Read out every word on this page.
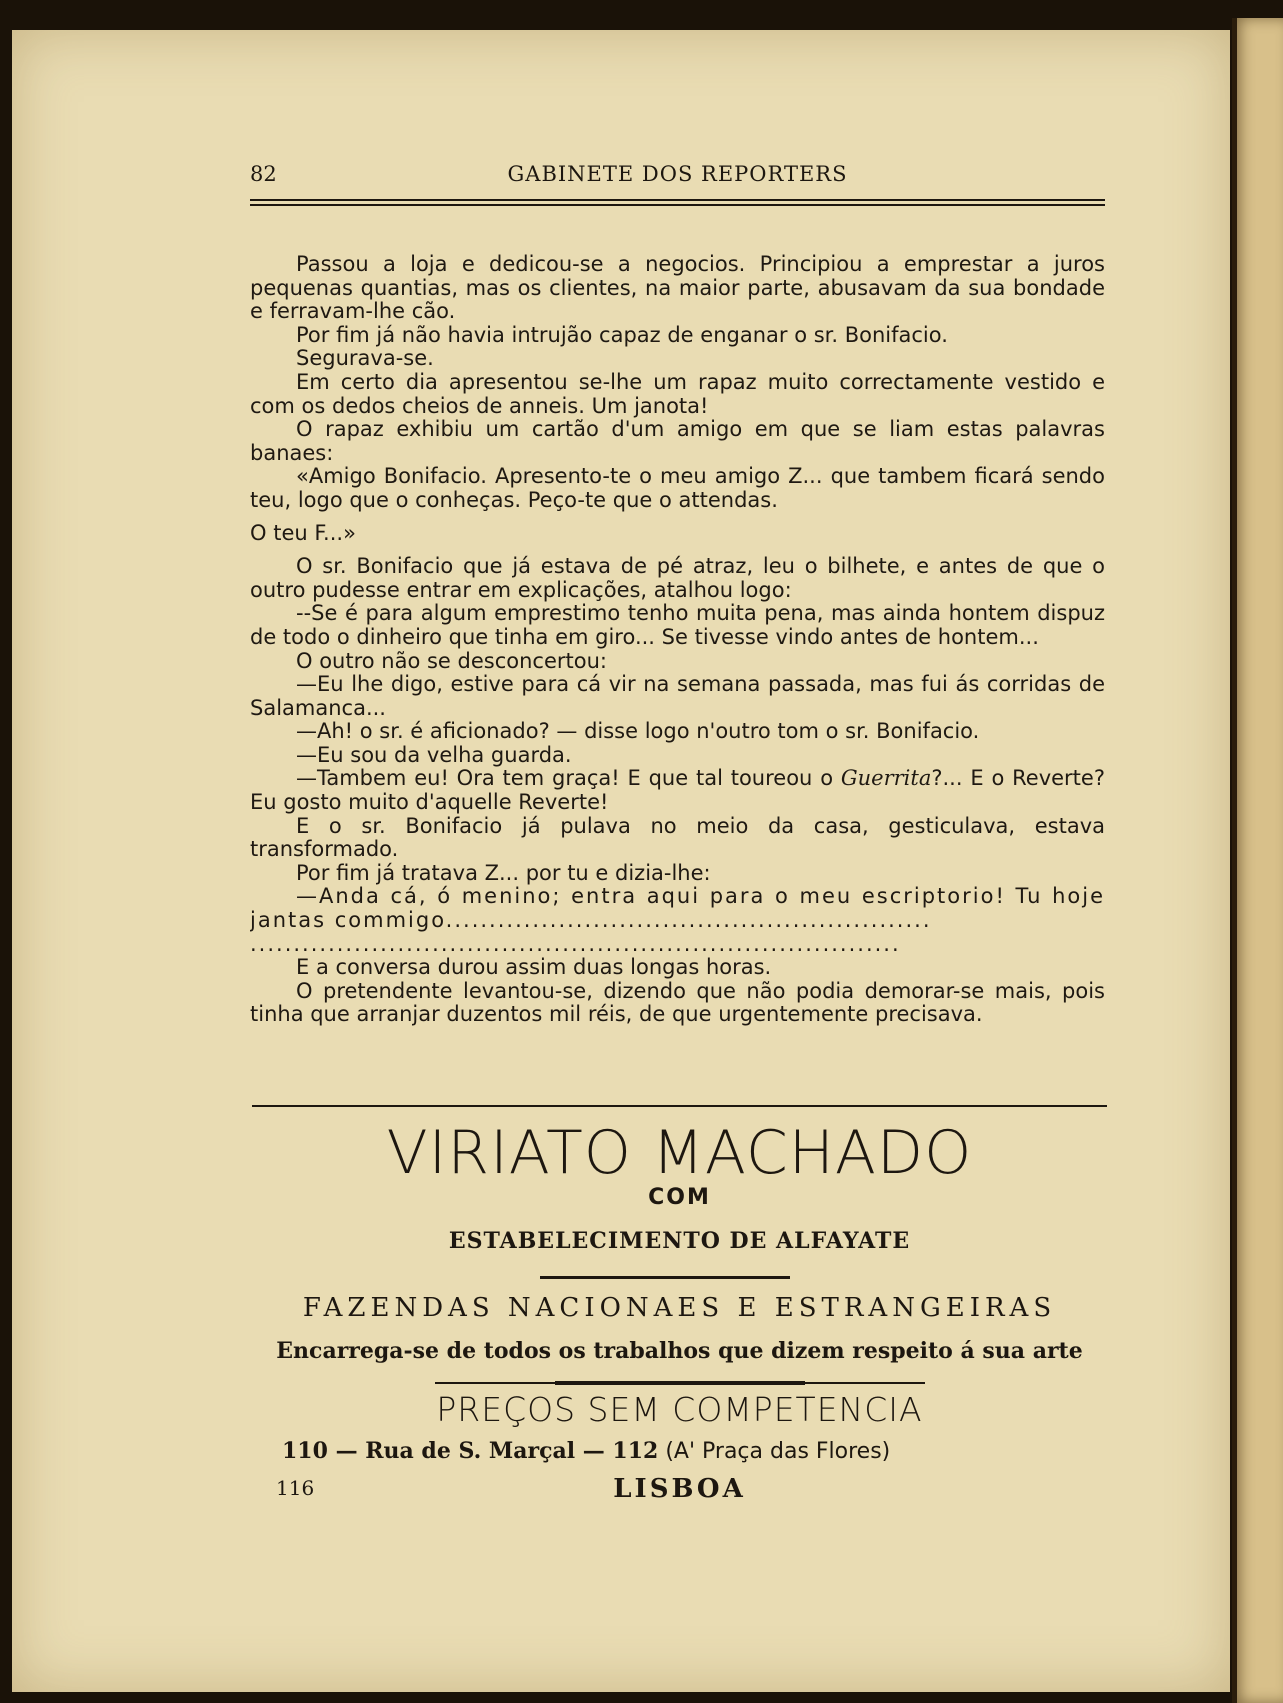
82	GABINETE DOS REPORTERS

Passou a loja e dedicou-se a negocios. Principiou a emprestar a juros pequenas quantias, mas os clientes, na maior parte, abusavam da sua bondade e ferravam-lhe cão.

Por fim já não havia intrujão capaz de enganar o sr. Bonifacio.

Segurava-se.

Em certo dia apresentou se-lhe um rapaz muito correctamente vestido e com os dedos cheios de anneis. Um janota!

O rapaz exhibiu um cartão d'um amigo em que se liam estas palavras banaes:

«Amigo Bonifacio. Apresento-te o meu amigo Z... que tambem ficará sendo teu, logo que o conheças. Peço-te que o attendas.

O teu F...»

O sr. Bonifacio que já estava de pé atraz, leu o bilhete, e antes de que o outro pudesse entrar em explicações, atalhou logo:

--Se é para algum emprestimo tenho muita pena, mas ainda hontem dispuz de todo o dinheiro que tinha em giro... Se tivesse vindo antes de hontem...

O outro não se desconcertou:

—Eu lhe digo, estive para cá vir na semana passada, mas fui ás corridas de Salamanca...

—Ah! o sr. é aficionado? — disse logo n'outro tom o sr. Bonifacio.

—Eu sou da velha guarda.

—Tambem eu! Ora tem graça! E que tal toureou o Guerrita?... E o Reverte? Eu gosto muito d'aquelle Reverte!

E o sr. Bonifacio já pulava no meio da casa, gesticulava, estava transformado.

Por fim já tratava Z... por tu e dizia-lhe:

—Anda cá, ó menino; entra aqui para o meu escriptorio! Tu hoje jantas commigo........................................................

...........................................................................

E a conversa durou assim duas longas horas.

O pretendente levantou-se, dizendo que não podia demorar-se mais, pois tinha que arranjar duzentos mil réis, de que urgentemente precisava.

VIRIATO MACHADO
COM
ESTABELECIMENTO DE ALFAYATE
FAZENDAS NACIONAES E ESTRANGEIRAS
Encarrega-se de todos os trabalhos que dizem respeito á sua arte
PREÇOS SEM COMPETENCIA
110 — Rua de S. Marçal — 112 (A' Praça das Flores)
116	LISBOA
